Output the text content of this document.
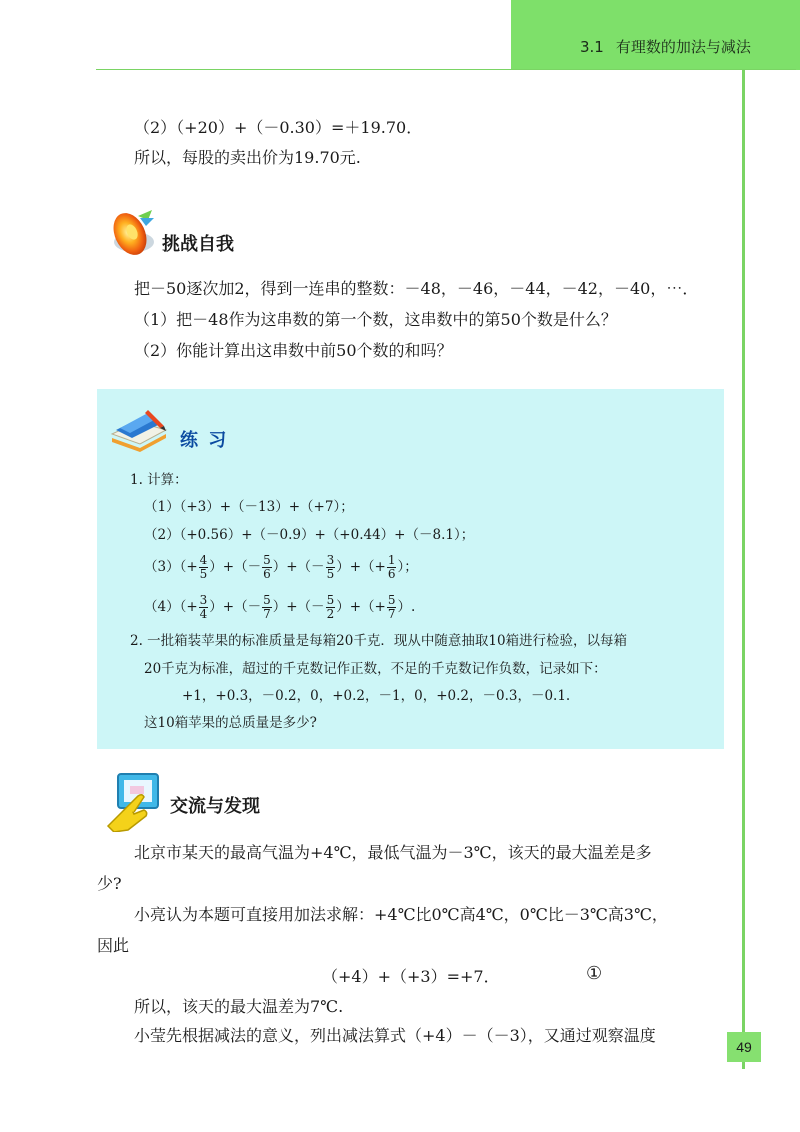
3.1 有理数的加法与减法
（2）（+20）+（－0.30）=＋19.70．
所以，每股的卖出价为19.70元.
挑战自我
把－50逐次加2，得到一连串的整数：－48，－46，－44，－42，－40，⋯．
（1）把－48作为这串数的第一个数，这串数中的第50个数是什么？
（2）你能计算出这串数中前50个数的和吗？
练 习
1. 计算：
（1）（+3）+（－13）+（+7）；
（2）（+0.56）+（－0.9）+（+0.44）+（－8.1）；
$(3)(+ \frac{4}{5}$ ）+（－ $\frac{5}{6}$ ）+（－ $\frac{3}{5}$ ）+（+ $\frac{1}{6}$ ）；
$(4)(+ \frac{3}{4}$ ）+（－ $\frac{5}{7}$ ）+（－ $\frac{5}{2}$ ）+（+ $\frac{5}{7}$ ）.
2. 一批箱装苹果的标准质量是每箱20千克．现从中随意抽取10箱进行检验，以每箱
20千克为标准，超过的千克数记作正数，不足的千克数记作负数，记录如下：
+1，+0.3，－0.2，0，+0.2，－1，0，+0.2，－0.3，－0.1.
这10箱苹果的总质量是多少?
交流与发现
北京市某天的最高气温为+4℃，最低气温为－3℃，该天的最大温差是多
少?
小亮认为本题可直接用加法求解：+4℃比0℃高4℃，0℃比－3℃高3℃，
因此
（+4）+（+3）=+7．	①
所以，该天的最大温差为7℃.
小莹先根据减法的意义，列出减法算式（+4）－（－3），又通过观察温度
49
